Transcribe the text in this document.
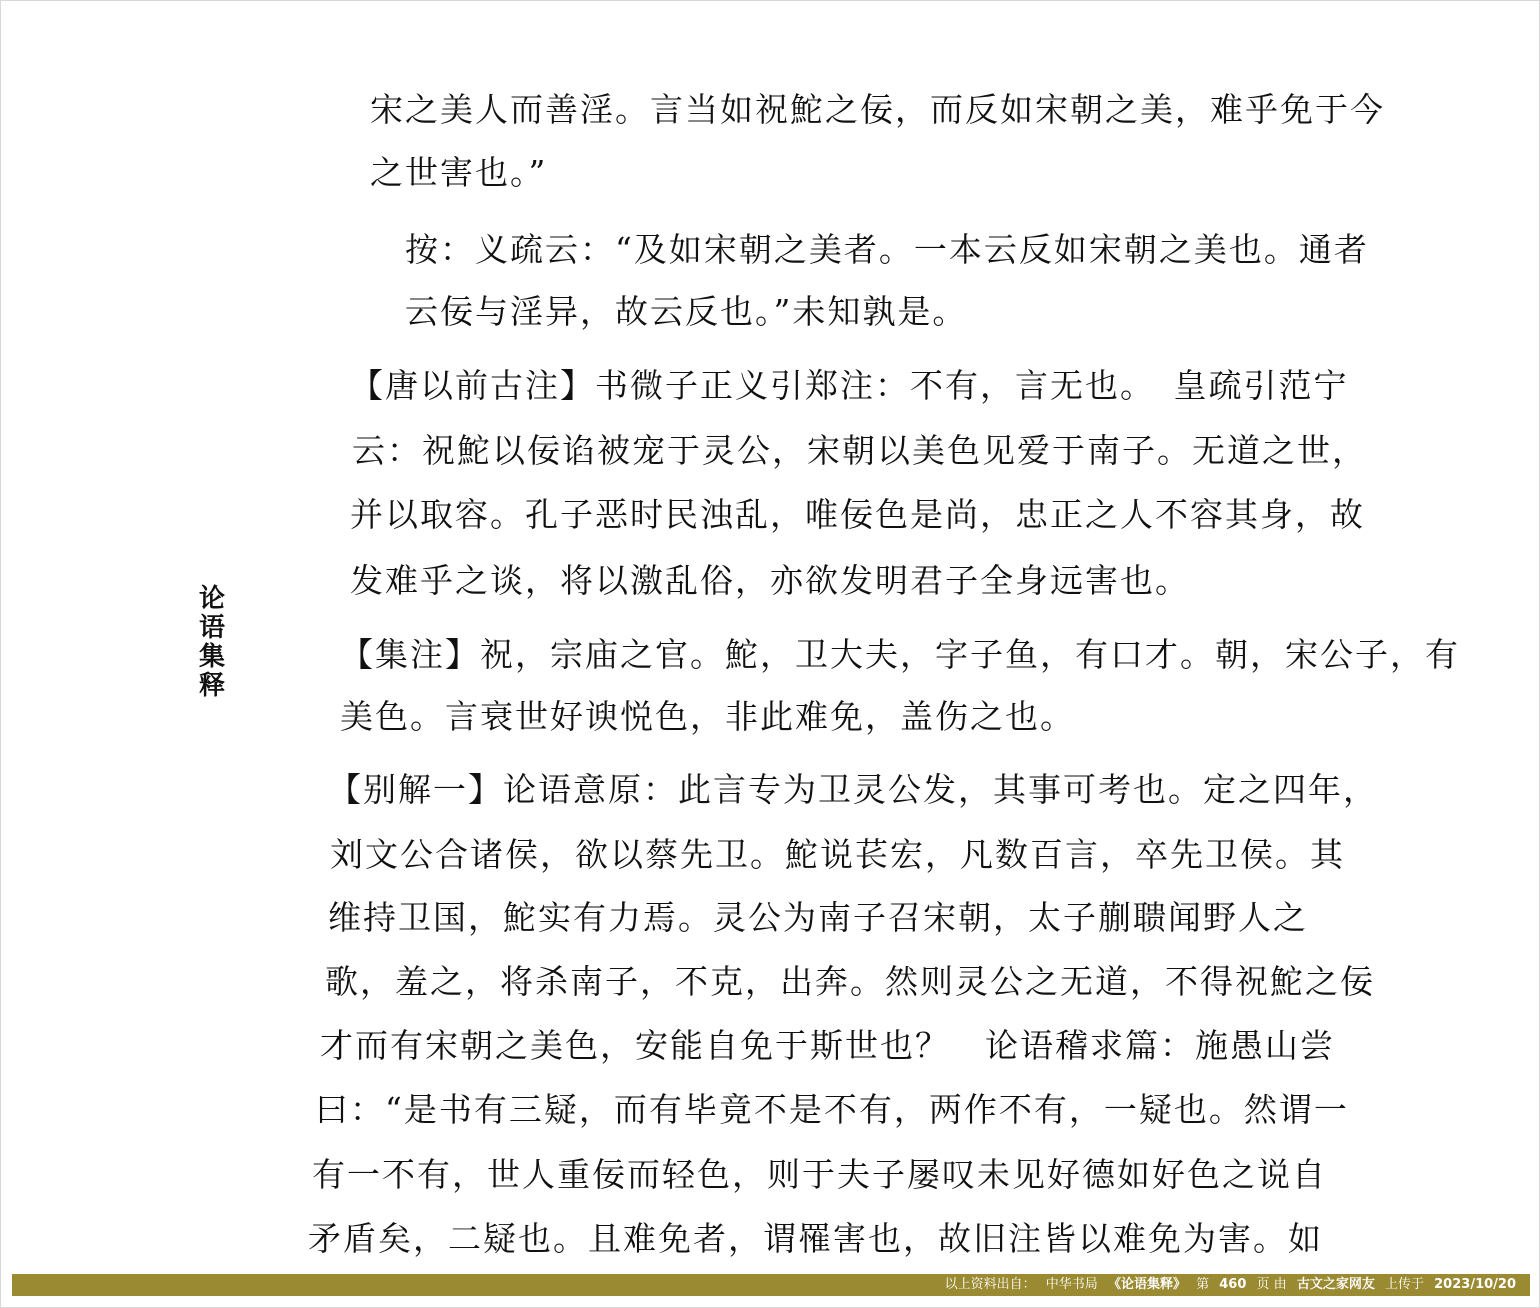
论
语
集
释
宋之美人而善淫。言当如祝鮀之佞，而反如宋朝之美，难乎免于今
之世害也。”
按：义疏云：“及如宋朝之美者。一本云反如宋朝之美也。通者
云佞与淫异，故云反也。”未知孰是。
【唐以前古注】书微子正义引郑注：不有，言无也。　皇疏引范宁
云：祝鮀以佞谄被宠于灵公，宋朝以美色见爱于南子。无道之世，
并以取容。孔子恶时民浊乱，唯佞色是尚，忠正之人不容其身，故
发难乎之谈，将以激乱俗，亦欲发明君子全身远害也。
【集注】祝，宗庙之官。鮀，卫大夫，字子鱼，有口才。朝，宋公子，有
美色。言衰世好谀悦色，非此难免，盖伤之也。
【别解一】论语意原：此言专为卫灵公发，其事可考也。定之四年，
刘文公合诸侯，欲以蔡先卫。鮀说苌宏，凡数百言，卒先卫侯。其
维持卫国，鮀实有力焉。灵公为南子召宋朝，太子蒯聩闻野人之
歌，羞之，将杀南子，不克，出奔。然则灵公之无道，不得祝鮀之佞
才而有宋朝之美色，安能自免于斯世也？　论语稽求篇：施愚山尝
曰：“是书有三疑，而有毕竟不是不有，两作不有，一疑也。然谓一
有一不有，世人重佞而轻色，则于夫子屡叹未见好德如好色之说自
矛盾矣，二疑也。且难免者，谓罹害也，故旧注皆以难免为害。如
以上资料出自： 中华书局 《论语集释》 第 460 页 由 古文之家网友 上传于 2023/10/20
